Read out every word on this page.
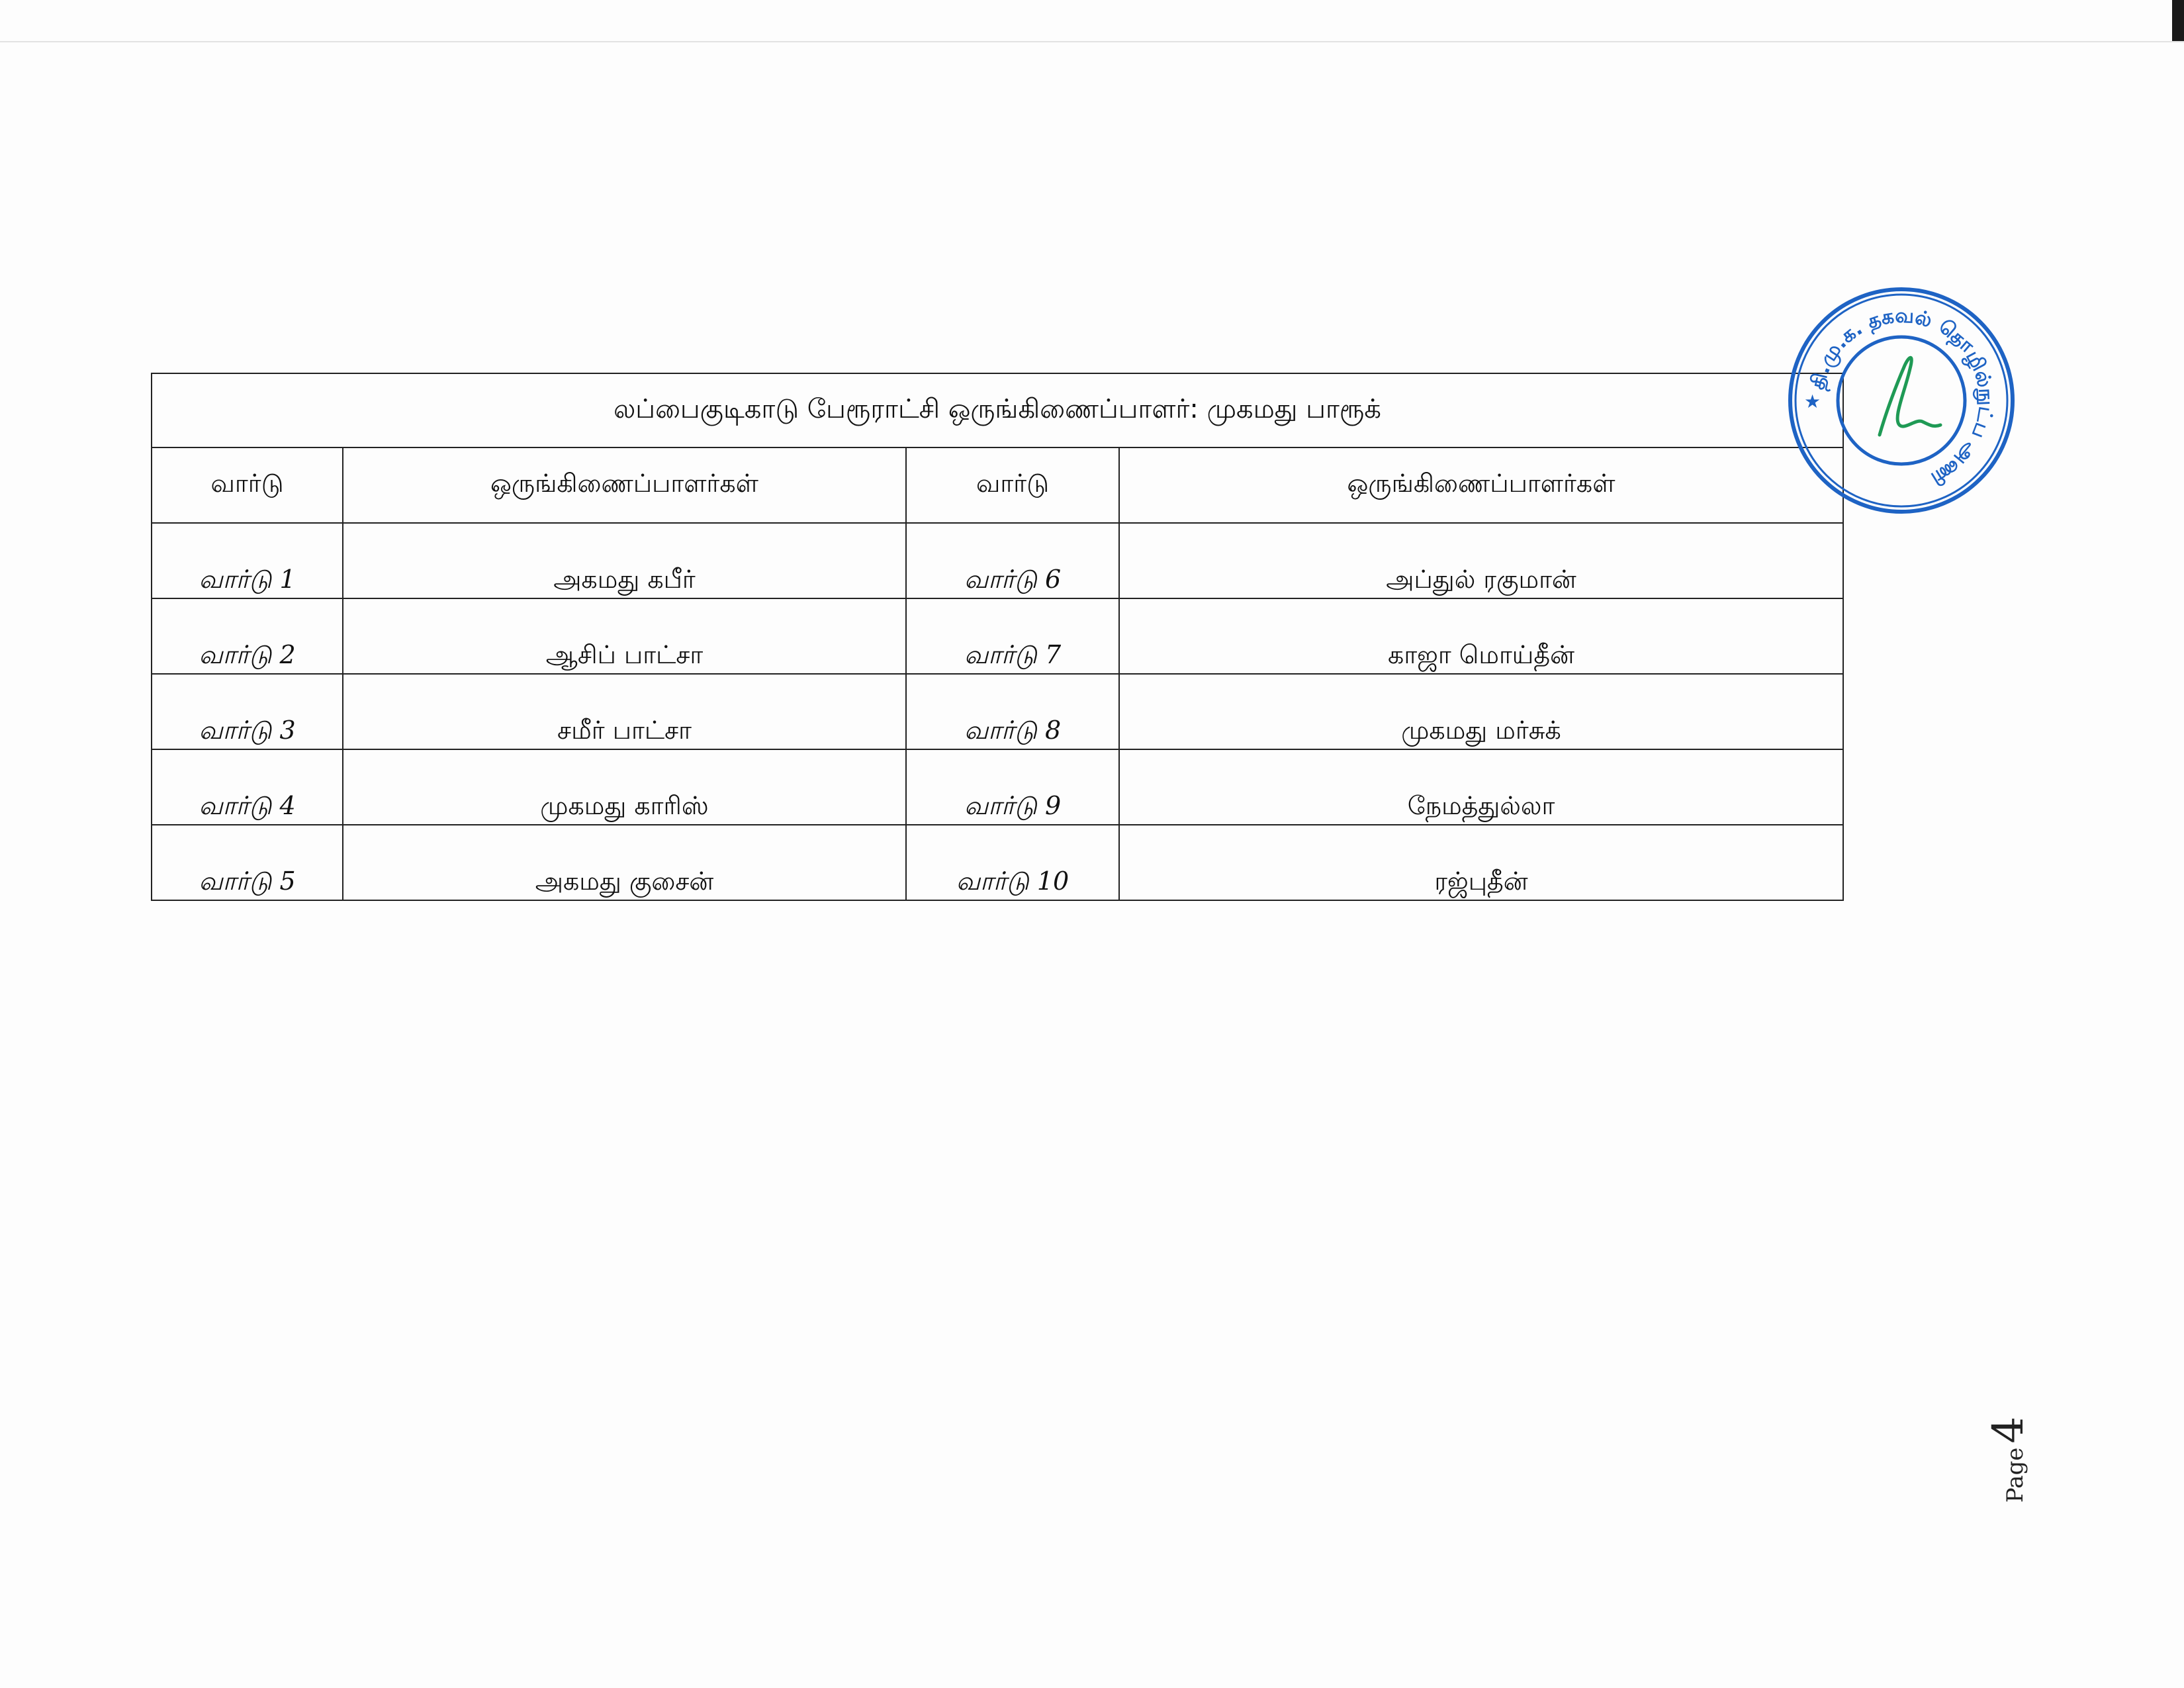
லப்பைகுடிகாடு பேரூராட்சி ஒருங்கிணைப்பாளர்: முகமது பாரூக்			
வார்டு	ஒருங்கிணைப்பாளர்கள்	வார்டு	ஒருங்கிணைப்பாளர்கள்
வார்டு 1	அகமது கபீர்	வார்டு 6	அப்துல் ரகுமான்
வார்டு 2	ஆசிப் பாட்சா	வார்டு 7	காஜா மொய்தீன்
வார்டு 3	சமீர் பாட்சா	வார்டு 8	முகமது மர்சுக்
வார்டு 4	முகமது காரிஸ்	வார்டு 9	நேமத்துல்லா
வார்டு 5	அகமது குசைன்	வார்டு 10	ரஜ்புதீன்
தி.மு.க. தகவல் தொழில்நுட்ப அணி
★
Page4
